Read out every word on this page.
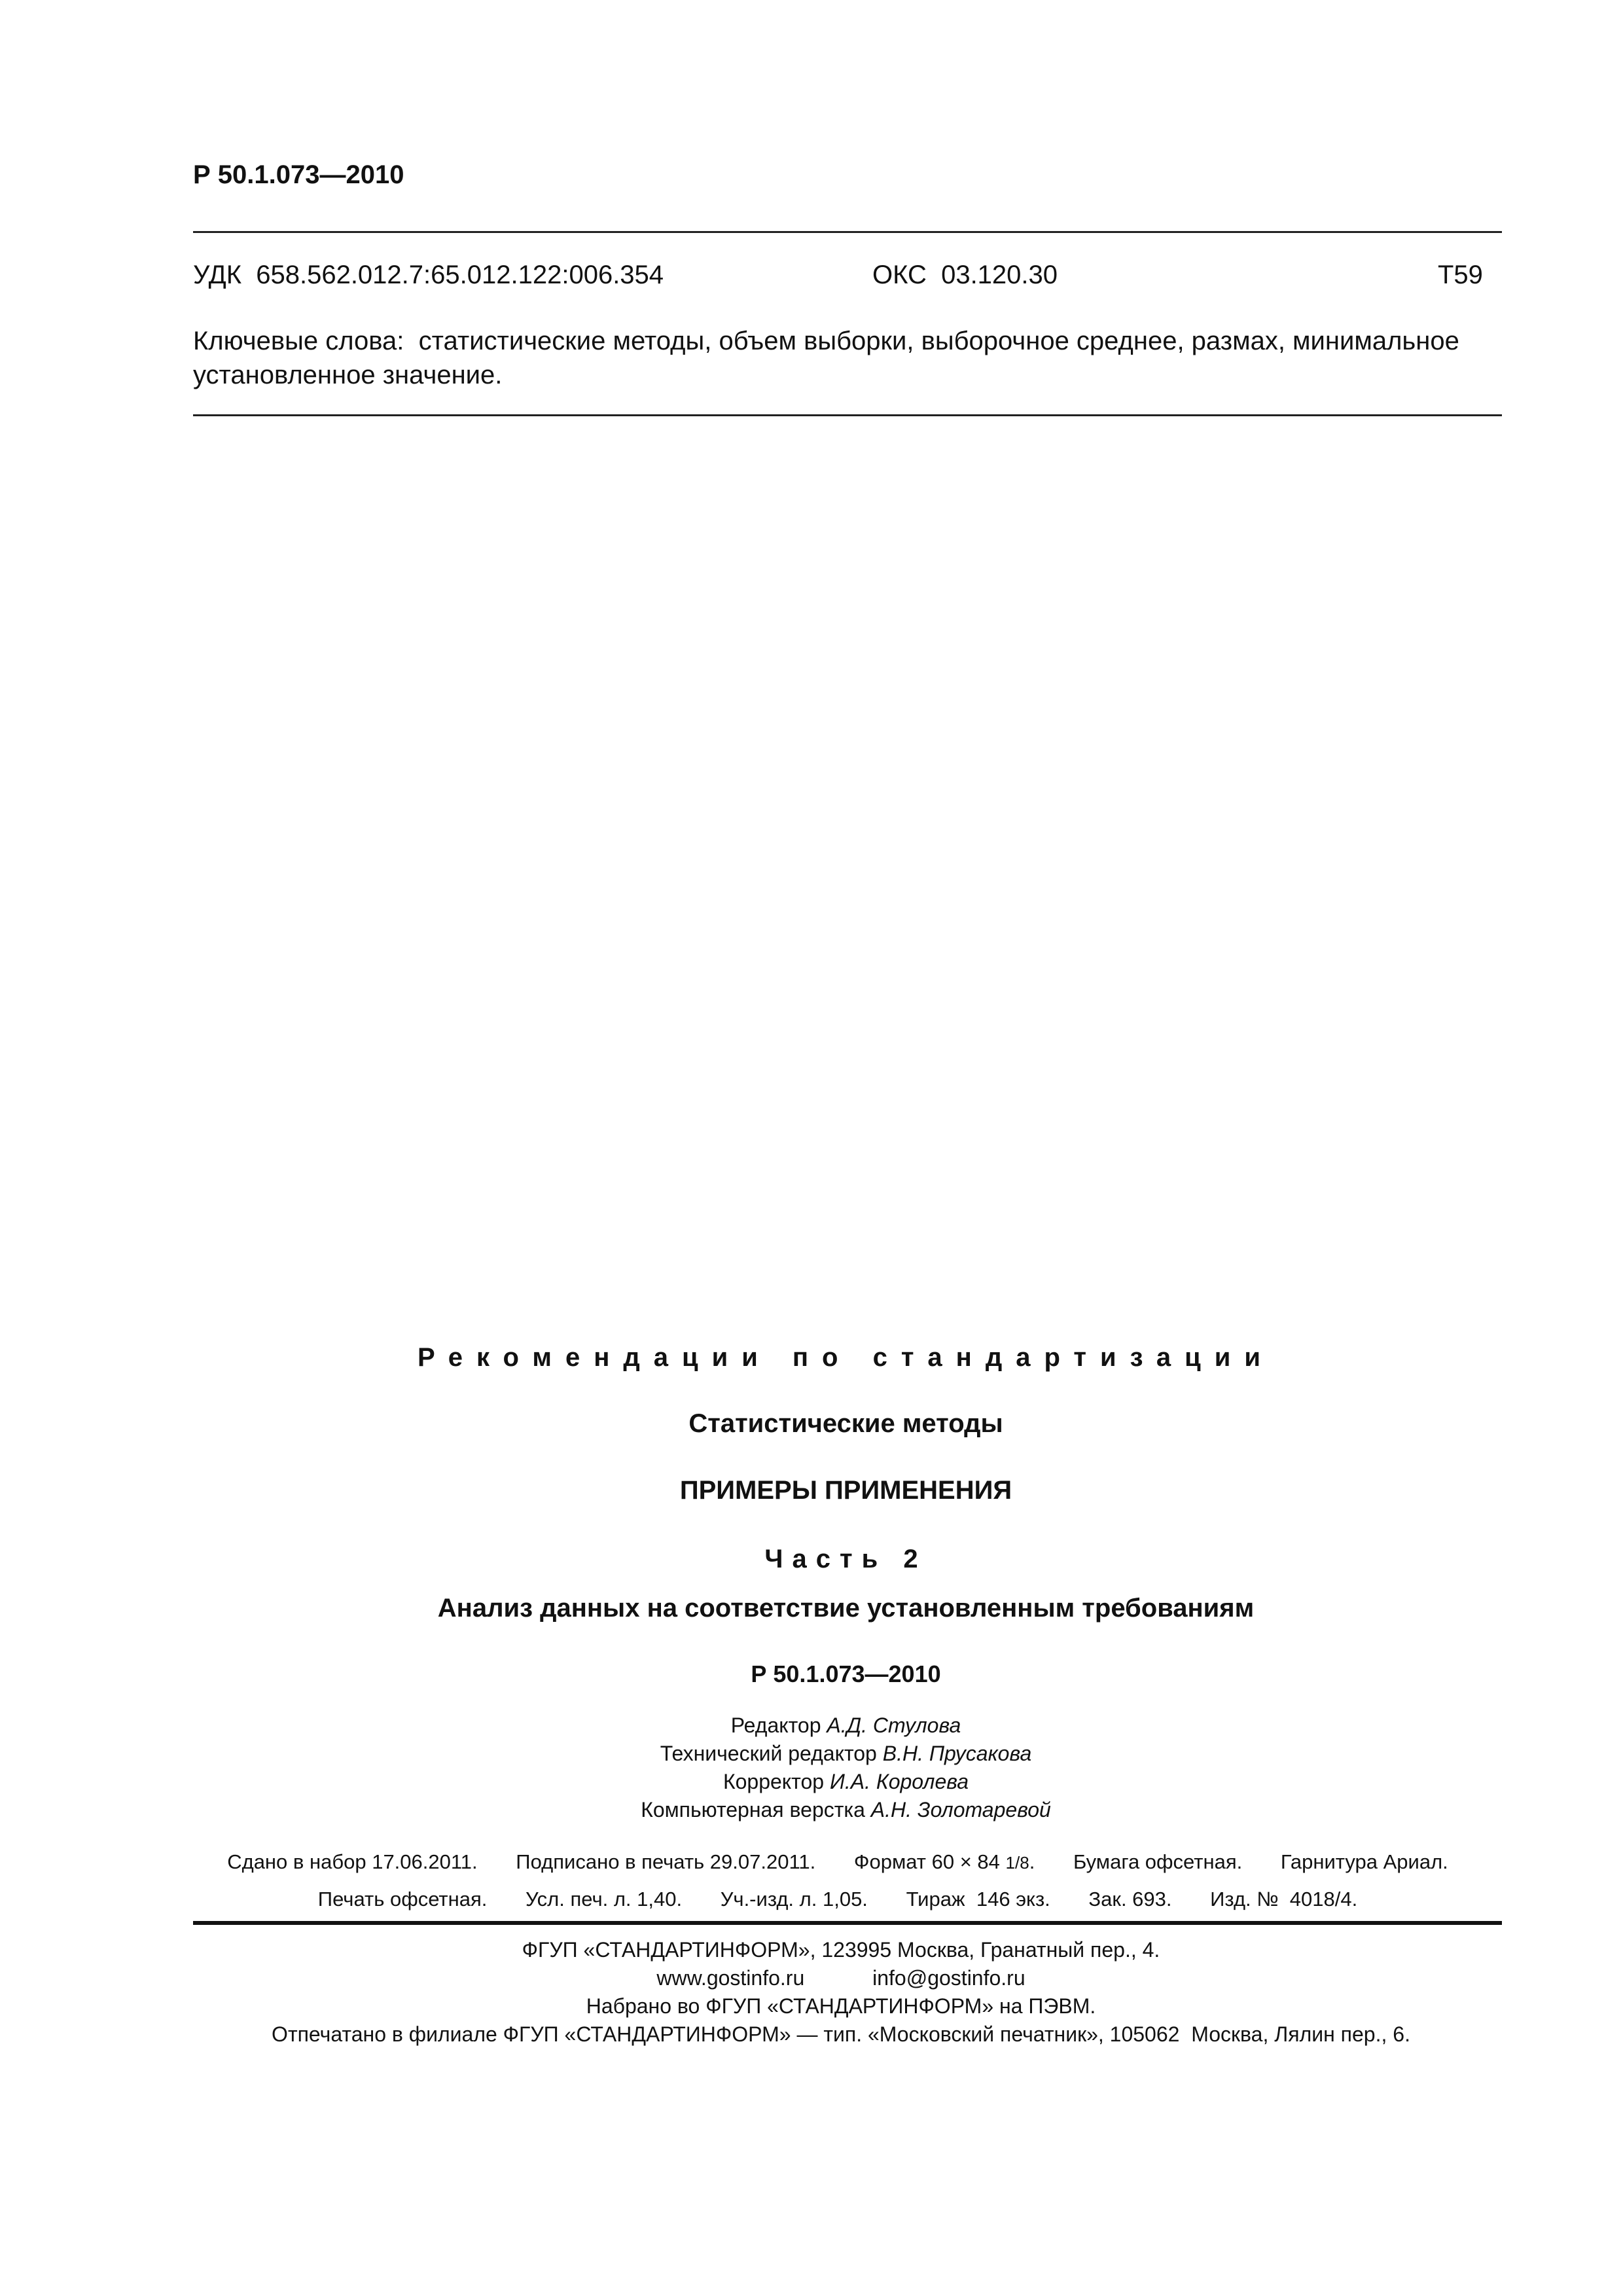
Р 50.1.073—2010
УДК  658.562.012.7:65.012.122:006.354	ОКС  03.120.30	Т59
Ключевые слова:  статистические методы, объем выборки, выборочное среднее, размах, минимальное
установленное значение.
Рекомендации по стандартизации
Статистические методы
ПРИМЕРЫ ПРИМЕНЕНИЯ
Часть 2
Анализ данных на соответствие установленным требованиям
Р 50.1.073—2010
Редактор А.Д. Стулова
Технический редактор В.Н. Прусакова
Корректор И.А. Королева
Компьютерная верстка А.Н. Золотаревой
Сдано в набор 17.06.2011. Подписано в печать 29.07.2011. Формат 60 × 84 1/8. Бумага офсетная. Гарнитура Ариал.
Печать офсетная. Усл. печ. л. 1,40. Уч.-изд. л. 1,05. Тираж  146 экз. Зак. 693. Изд. №  4018/4.
ФГУП «СТАНДАРТИНФОРМ», 123995 Москва, Гранатный пер., 4.
www.gostinfo.ru	info@gostinfo.ru
Набрано во ФГУП «СТАНДАРТИНФОРМ» на ПЭВМ.
Отпечатано в филиале ФГУП «СТАНДАРТИНФОРМ» — тип. «Московский печатник», 105062  Москва, Лялин пер., 6.
